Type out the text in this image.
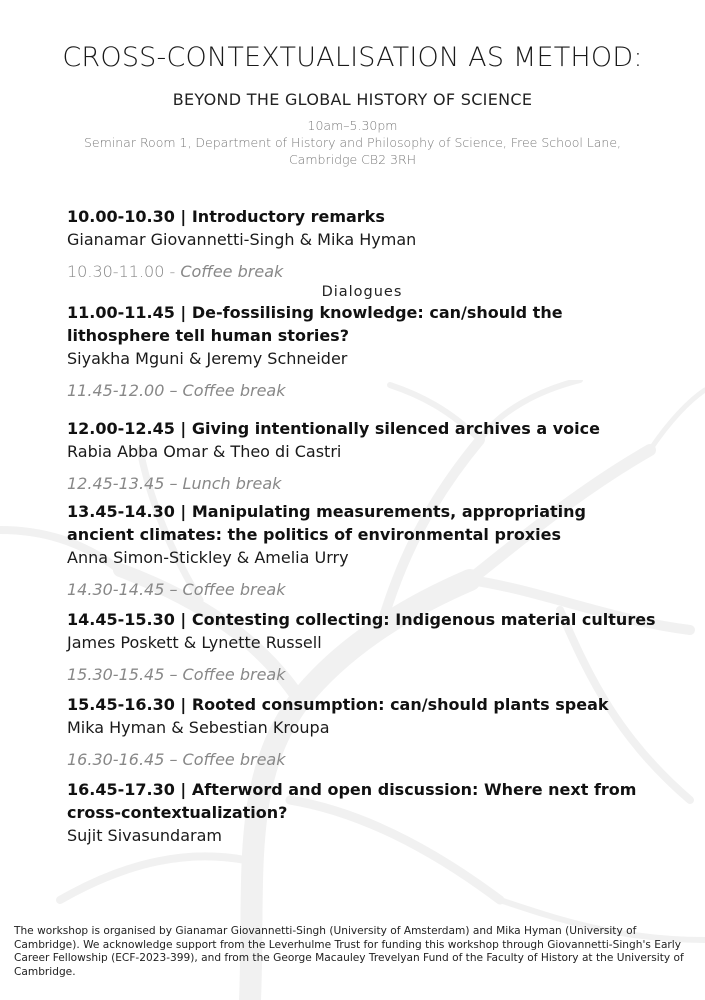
CROSS-CONTEXTUALISATION AS METHOD:
BEYOND THE GLOBAL HISTORY OF SCIENCE
10am–5.30pm
Seminar Room 1, Department of History and Philosophy of Science, Free School Lane, Cambridge CB2 3RH
10.00-10.30 | Introductory remarks
Gianamar Giovannetti-Singh & Mika Hyman
10.30-11.00 - Coffee break
Dialogues
11.00-11.45 | De-fossilising knowledge: can/should the lithosphere tell human stories?
Siyakha Mguni & Jeremy Schneider
11.45-12.00 – Coffee break
12.00-12.45 | Giving intentionally silenced archives a voice
Rabia Abba Omar & Theo di Castri
12.45-13.45 – Lunch break
13.45-14.30 | Manipulating measurements, appropriating ancient climates: the politics of environmental proxies
Anna Simon-Stickley & Amelia Urry
14.30-14.45 – Coffee break
14.45-15.30 | Contesting collecting: Indigenous material cultures
James Poskett & Lynette Russell
15.30-15.45 – Coffee break
15.45-16.30 | Rooted consumption: can/should plants speak
Mika Hyman & Sebestian Kroupa
16.30-16.45 – Coffee break
16.45-17.30 | Afterword and open discussion: Where next from cross-contextualization?
Sujit Sivasundaram
The workshop is organised by Gianamar Giovannetti-Singh (University of Amsterdam) and Mika Hyman (University of Cambridge). We acknowledge support from the Leverhulme Trust for funding this workshop through Giovannetti-Singh's Early Career Fellowship (ECF-2023-399), and from the George Macauley Trevelyan Fund of the Faculty of History at the University of Cambridge.
